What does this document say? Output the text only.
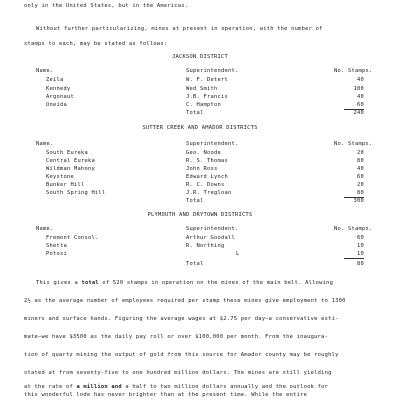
only in the United States, but in the Americas.
Without further particularizing, mines at present in operation, with the number of
stamps to each, may be stated as follows:
JACKSON DISTRICT
Name.	Superintendent.	No. Stamps.
Zeila	W. F. Detert	40
Kennedy	Wed Smith	100
Argonaut	J.B. Francis	40
Oneida	C. Hampton	60
Total	240
SUTTER CREEK AND AMADOR DISTRICTS
Name.	Superintendent.	No. Stamps.
South Eureka	Geo. Noode	20
Central Eureka	R. S. Thomas	80
Wildman Mahony	John Ross	40
Keystone	Edward Lynch	60
Bunker Hill	R. C. Downs	20
South Spring Hill	J.R. Tregloan	80
Total	300
PLYMOUTH AND DRYTOWN DISTRICTS
Name.	Superintendent.	No. Stamps.
Fremont Consol.	Arthur Goodall	60
Shetta	R. Northing	10
Potosi	L	10
Total	80
This gives a total of 520 stamps in operation on the mines of the main belt. Allowing
2½ as the average number of employees required per stamp these mines give employment to 1300
miners and surface hands. Figuring the average wages at $2.75 per day—a conservative esti-
mate—we have $3500 as the daily pay roll or over $100,000 per month. From the inaugura-
tion of quartz mining the output of gold from this source for Amador county may be roughly
stated at from seventy-five to one hundred million dollars. The mines are still yielding
at the rate of a million and a half to two million dollars annually and the outlook for
this wonderful lode has never brighter than at the present time. While the entire
